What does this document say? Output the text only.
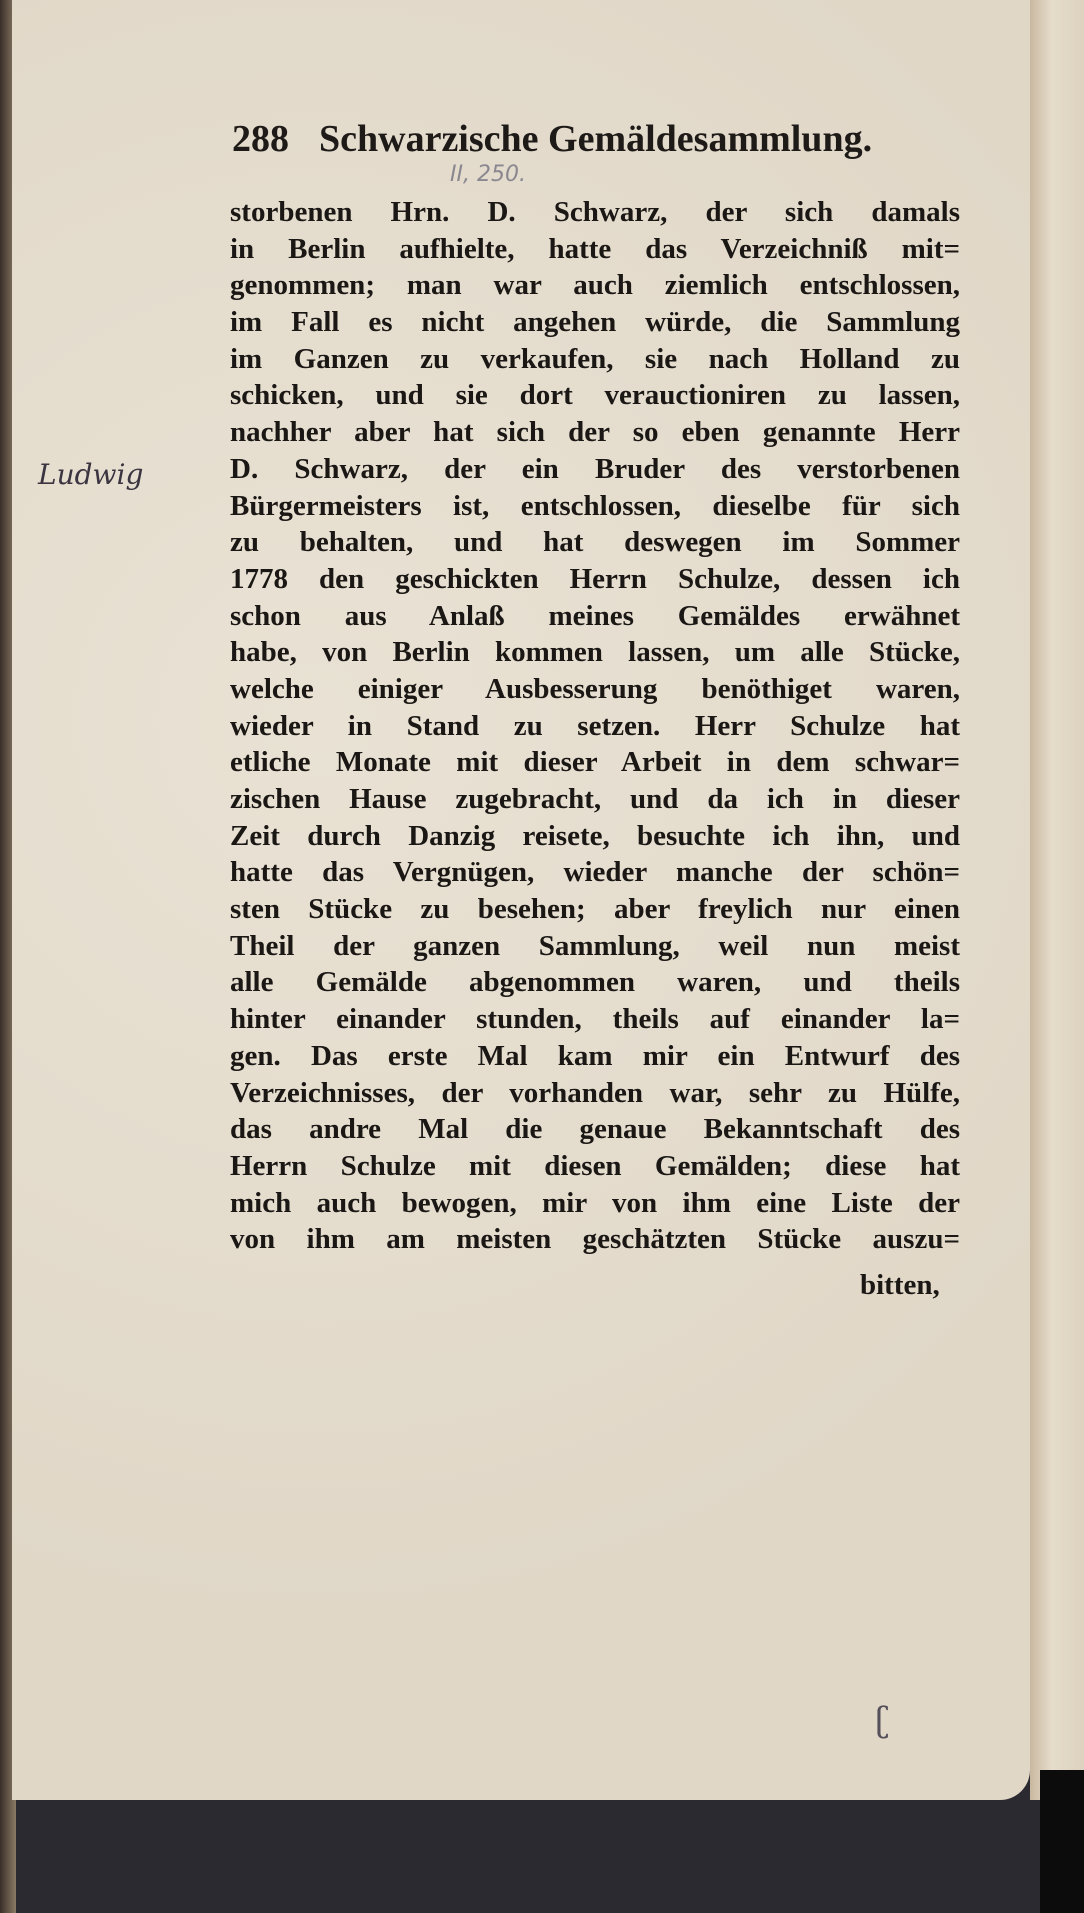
288 Schwarzische Gemäldesammlung.
II, 250.
Ludwig
storbenen Hrn. D. Schwarz, der sich damals
in Berlin aufhielte, hatte das Verzeichniß mit=
genommen; man war auch ziemlich entschlossen,
im Fall es nicht angehen würde, die Sammlung
im Ganzen zu verkaufen, sie nach Holland zu
schicken, und sie dort verauctioniren zu lassen,
nachher aber hat sich der so eben genannte Herr
D. Schwarz, der ein Bruder des verstorbenen
Bürgermeisters ist, entschlossen, dieselbe für sich
zu behalten, und hat deswegen im Sommer
1778 den geschickten Herrn Schulze, dessen ich
schon aus Anlaß meines Gemäldes erwähnet
habe, von Berlin kommen lassen, um alle Stücke,
welche einiger Ausbesserung benöthiget waren,
wieder in Stand zu setzen. Herr Schulze hat
etliche Monate mit dieser Arbeit in dem schwar=
zischen Hause zugebracht, und da ich in dieser
Zeit durch Danzig reisete, besuchte ich ihn, und
hatte das Vergnügen, wieder manche der schön=
sten Stücke zu besehen; aber freylich nur einen
Theil der ganzen Sammlung, weil nun meist
alle Gemälde abgenommen waren, und theils
hinter einander stunden, theils auf einander la=
gen. Das erste Mal kam mir ein Entwurf des
Verzeichnisses, der vorhanden war, sehr zu Hülfe,
das andre Mal die genaue Bekanntschaft des
Herrn Schulze mit diesen Gemälden; diese hat
mich auch bewogen, mir von ihm eine Liste der
von ihm am meisten geschätzten Stücke auszu=
bitten,
ʗ
